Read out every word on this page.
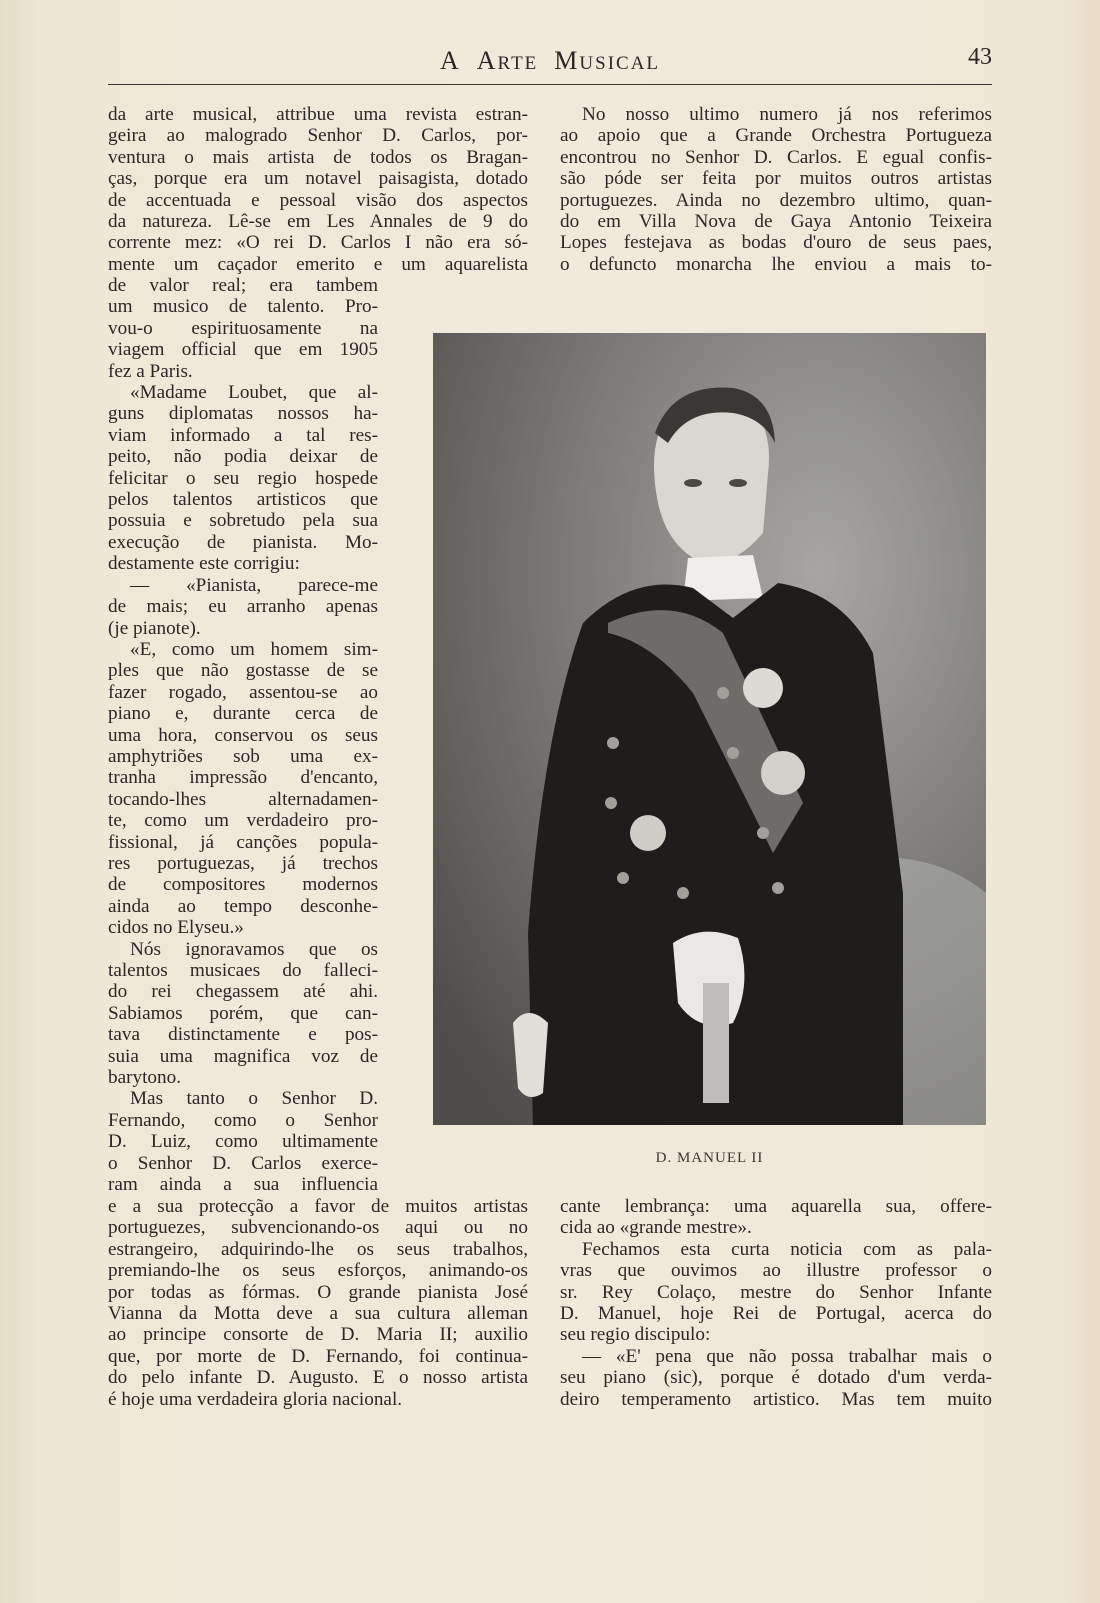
A  ARTE  MUSICAL	43
da arte musical, attribue uma revista estran-
geira ao malogrado Senhor D. Carlos, por-
ventura o mais artista de todos os Bragan-
ças, porque era um notavel paisagista, dotado
de accentuada e pessoal visão dos aspectos
da natureza. Lê-se em Les Annales de 9 do
corrente mez: «O rei D. Carlos I não era só-
mente um caçador emerito e um aquarelista
de valor real; era tambem
um musico de talento. Pro-
vou-o espirituosamente na
viagem official que em 1905
fez a Paris.
«Madame Loubet, que al-
guns diplomatas nossos ha-
viam informado a tal res-
peito, não podia deixar de
felicitar o seu regio hospede
pelos talentos artisticos que
possuia e sobretudo pela sua
execução de pianista. Mo-
destamente este corrigiu:
— «Pianista, parece-me
de mais; eu arranho apenas
(je pianote).
«E, como um homem sim-
ples que não gostasse de se
fazer rogado, assentou-se ao
piano e, durante cerca de
uma hora, conservou os seus
amphytriões sob uma ex-
tranha impressão d'encanto,
tocando-lhes alternadamen-
te, como um verdadeiro pro-
fissional, já canções popula-
res portuguezas, já trechos
de compositores modernos
ainda ao tempo desconhe-
cidos no Elyseu.»
Nós ignoravamos que os
talentos musicaes do falleci-
do rei chegassem até ahi.
Sabiamos porém, que can-
tava distinctamente e pos-
suia uma magnifica voz de
barytono.
Mas tanto o Senhor D.
Fernando, como o Senhor
D. Luiz, como ultimamente
o Senhor D. Carlos exerce-
ram ainda a sua influencia
e a sua protecção a favor de muitos artistas
portuguezes, subvencionando-os aqui ou no
estrangeiro, adquirindo-lhe os seus trabalhos,
premiando-lhe os seus esforços, animando-os
por todas as fórmas. O grande pianista José
Vianna da Motta deve a sua cultura alleman
ao principe consorte de D. Maria II; auxilio
que, por morte de D. Fernando, foi continua-
do pelo infante D. Augusto. E o nosso artista
é hoje uma verdadeira gloria nacional.
No nosso ultimo numero já nos referimos
ao apoio que a Grande Orchestra Portugueza
encontrou no Senhor D. Carlos. E egual confis-
são póde ser feita por muitos outros artistas
portuguezes. Ainda no dezembro ultimo, quan-
do em Villa Nova de Gaya Antonio Teixeira
Lopes festejava as bodas d'ouro de seus paes,
o defuncto monarcha lhe enviou a mais to-
D. MANUEL II
cante lembrança: uma aquarella sua, offere-
cida ao «grande mestre».
Fechamos esta curta noticia com as pala-
vras que ouvimos ao illustre professor o
sr. Rey Colaço, mestre do Senhor Infante
D. Manuel, hoje Rei de Portugal, acerca do
seu regio discipulo:
— «E' pena que não possa trabalhar mais o
seu piano (sic), porque é dotado d'um verda-
deiro temperamento artistico. Mas tem muito
